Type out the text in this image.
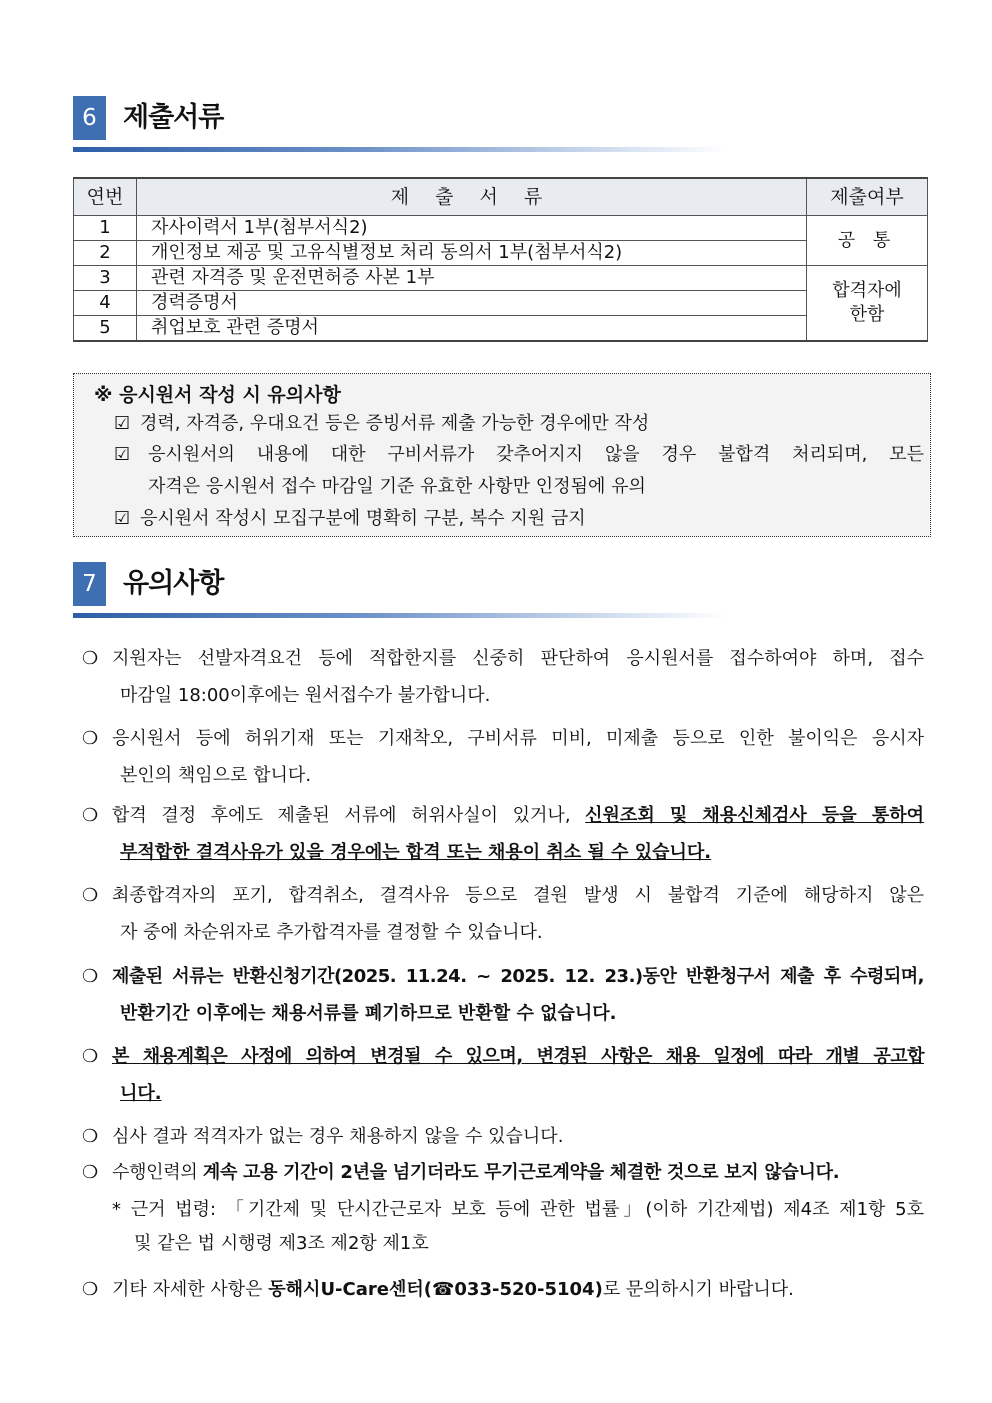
6 제출서류
연번	제 출 서 류	제출여부
1	자사이력서 1부(첨부서식2)	공 통
2	개인정보 제공 및 고유식별정보 처리 동의서 1부(첨부서식2)	
3	관련 자격증 및 운전면허증 사본 1부	합격자에
한함
4	경력증명서	
5	취업보호 관련 증명서	
※ 응시원서 작성 시 유의사항
☑ 경력, 자격증, 우대요건 등은 증빙서류 제출 가능한 경우에만 작성
☑ 응시원서의 내용에 대한 구비서류가 갖추어지지 않을 경우 불합격 처리되며, 모든
자격은 응시원서 접수 마감일 기준 유효한 사항만 인정됨에 유의
☑ 응시원서 작성시 모집구분에 명확히 구분, 복수 지원 금지
7 유의사항
❍ 지원자는 선발자격요건 등에 적합한지를 신중히 판단하여 응시원서를 접수하여야 하며, 접수
마감일 18:00이후에는 원서접수가 불가합니다.
❍ 응시원서 등에 허위기재 또는 기재착오, 구비서류 미비, 미제출 등으로 인한 불이익은 응시자
본인의 책임으로 합니다.
❍ 합격 결정 후에도 제출된 서류에 허위사실이 있거나, 신원조회 및 채용신체검사 등을 통하여
부적합한 결격사유가 있을 경우에는 합격 또는 채용이 취소 될 수 있습니다.
❍ 최종합격자의 포기, 합격취소, 결격사유 등으로 결원 발생 시 불합격 기준에 해당하지 않은
자 중에 차순위자로 추가합격자를 결정할 수 있습니다.
❍ 제출된 서류는 반환신청기간(2025. 11.24. ~ 2025. 12. 23.)동안 반환청구서 제출 후 수령되며,
반환기간 이후에는 채용서류를 폐기하므로 반환할 수 없습니다.
❍ 본 채용계획은 사정에 의하여 변경될 수 있으며, 변경된 사항은 채용 일정에 따라 개별 공고합
니다.
❍ 심사 결과 적격자가 없는 경우 채용하지 않을 수 있습니다.
❍ 수행인력의 계속 고용 기간이 2년을 넘기더라도 무기근로계약을 체결한 것으로 보지 않습니다.
* 근거 법령: 「기간제 및 단시간근로자 보호 등에 관한 법률」(이하 기간제법) 제4조 제1항 5호
및 같은 법 시행령 제3조 제2항 제1호
❍ 기타 자세한 사항은 동해시U-Care센터(☎033-520-5104)로 문의하시기 바랍니다.
